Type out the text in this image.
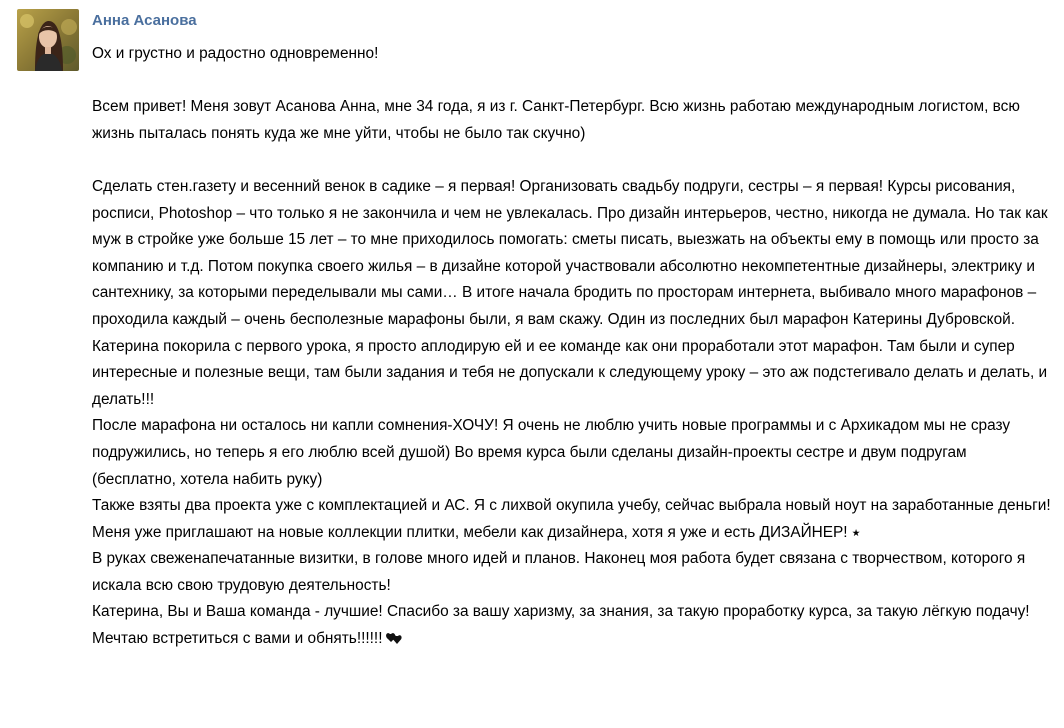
Анна Асанова

Ох и грустно и радостно одновременно!

Всем привет! Меня зовут Асанова Анна, мне 34 года, я из г. Санкт-Петербург. Всю жизнь работаю международным логистом, всю жизнь пыталась понять куда же мне уйти, чтобы не было так скучно)

Сделать стен.газету и весенний венок в садике – я первая! Организовать свадьбу подруги, сестры – я первая! Курсы рисования, росписи, Photoshop – что только я не закончила и чем не увлекалась. Про дизайн интерьеров, честно, никогда не думала. Но так как муж в стройке уже больше 15 лет – то мне приходилось помогать: сметы писать, выезжать на объекты ему в помощь или просто за компанию и т.д. Потом покупка своего жилья – в дизайне которой участвовали абсолютно некомпетентные дизайнеры, электрику и сантехнику, за которыми переделывали мы сами… В итоге начала бродить по просторам интернета, выбивало много марафонов – проходила каждый – очень бесполезные марафоны были, я вам скажу. Один из последних был марафон Катерины Дубровской. Катерина покорила с первого урока, я просто аплодирую ей и ее команде как они проработали этот марафон. Там были и супер интересные и полезные вещи, там были задания и тебя не допускали к следующему уроку – это аж подстегивало делать и делать, и делать!!!

После марафона ни осталось ни капли сомнения-ХОЧУ! Я очень не люблю учить новые программы и с Архикадом мы не сразу подружились, но теперь я его люблю всей душой) Во время курса были сделаны дизайн-проекты сестре и двум подругам (бесплатно, хотела набить руку)

Также взяты два проекта уже с комплектацией и АС. Я с лихвой окупила учебу, сейчас выбрала новый ноут на заработанные деньги!

Меня уже приглашают на новые коллекции плитки, мебели как дизайнера, хотя я уже и есть ДИЗАЙНЕР! ⭑

В руках свеженапечатанные визитки, в голове много идей и планов. Наконец моя работа будет связана с творчеством, которого я искала всю свою трудовую деятельность!

Катерина, Вы и Ваша команда - лучшие! Спасибо за вашу харизму, за знания, за такую проработку курса, за такую лёгкую подачу! Мечтаю встретиться с вами и обнять!!!!!!
